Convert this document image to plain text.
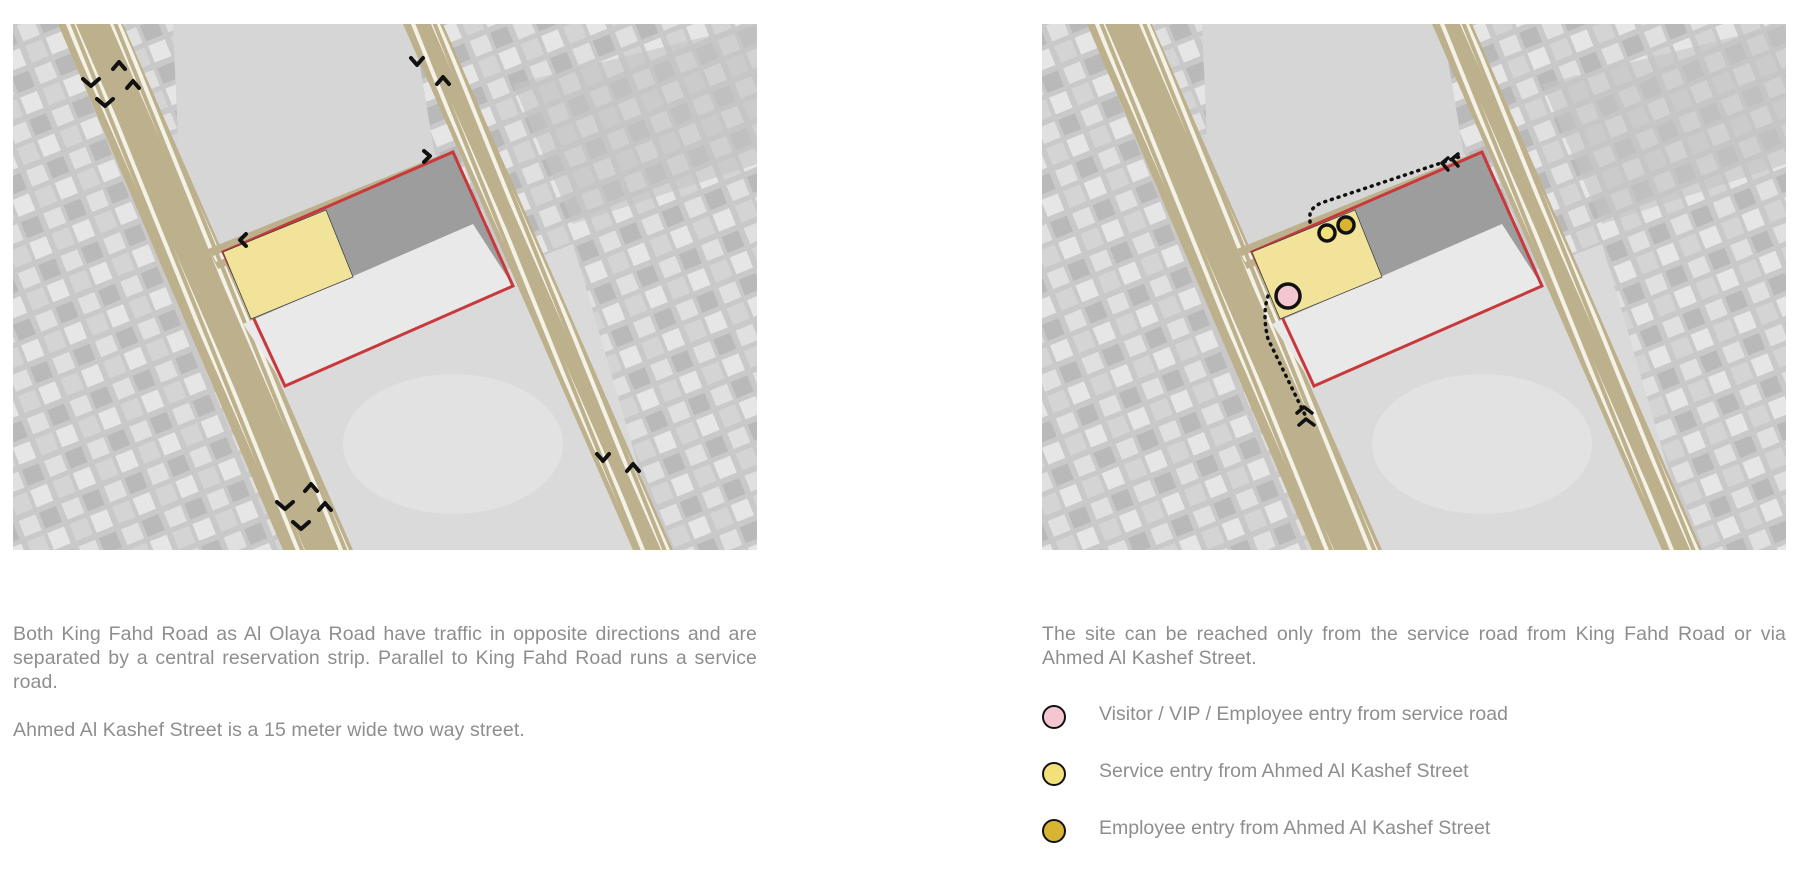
Both King Fahd Road as Al Olaya Road have traffic in opposite directions and are separated by a central reservation strip. Parallel to King Fahd Road runs a service road.

Ahmed Al Kashef Street is a 15 meter wide two way street.

The site can be reached only from the service road from King Fahd Road or via Ahmed Al Kashef Street.

Visitor / VIP / Employee entry from service road
Service entry from Ahmed Al Kashef Street
Employee entry from Ahmed Al Kashef Street
